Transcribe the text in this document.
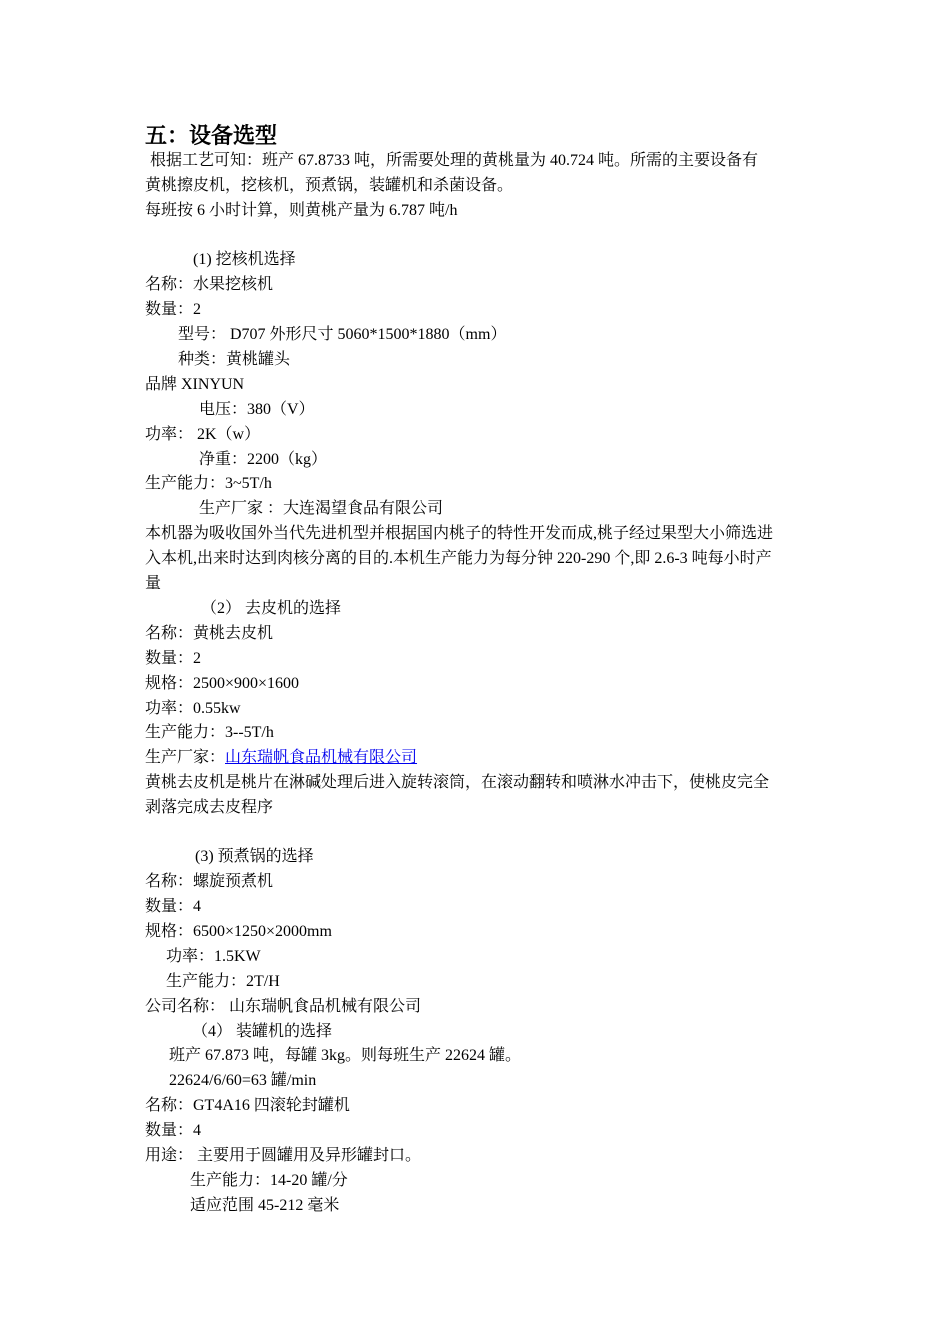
五：设备选型
根据工艺可知：班产 67.8733 吨，所需要处理的黄桃量为 40.724 吨。所需的主要设备有
黄桃擦皮机，挖核机，预煮锅，装罐机和杀菌设备。
每班按 6 小时计算，则黄桃产量为 6.787 吨/h
(1) 挖核机选择
名称：水果挖核机
数量：2
型号： D707 外形尺寸 5060*1500*1880（mm）
种类：黄桃罐头
品牌 XINYUN
电压：380（V）
功率： 2K（w）
净重：2200（kg）
生产能力：3~5T/h
生产厂家 ：大连渴望食品有限公司
本机器为吸收国外当代先进机型并根据国内桃子的特性开发而成,桃子经过果型大小筛选进
入本机,出来时达到肉核分离的目的.本机生产能力为每分钟 220-290 个,即 2.6-3 吨每小时产
量
（2） 去皮机的选择
名称：黄桃去皮机
数量：2
规格：2500×900×1600
功率：0.55kw
生产能力：3--5T/h
生产厂家：山东瑞帆食品机械有限公司
黄桃去皮机是桃片在淋碱处理后进入旋转滚筒，在滚动翻转和喷淋水冲击下，使桃皮完全
剥落完成去皮程序
(3) 预煮锅的选择
名称：螺旋预煮机
数量：4
规格：6500×1250×2000mm
功率：1.5KW
生产能力：2T/H
公司名称： 山东瑞帆食品机械有限公司
（4） 装罐机的选择
班产 67.873 吨，每罐 3kg。则每班生产 22624 罐。
22624/6/60=63 罐/min
名称：GT4A16 四滚轮封罐机
数量：4
用途： 主要用于圆罐用及异形罐封口。
生产能力：14-20 罐/分
适应范围 45-212 毫米
